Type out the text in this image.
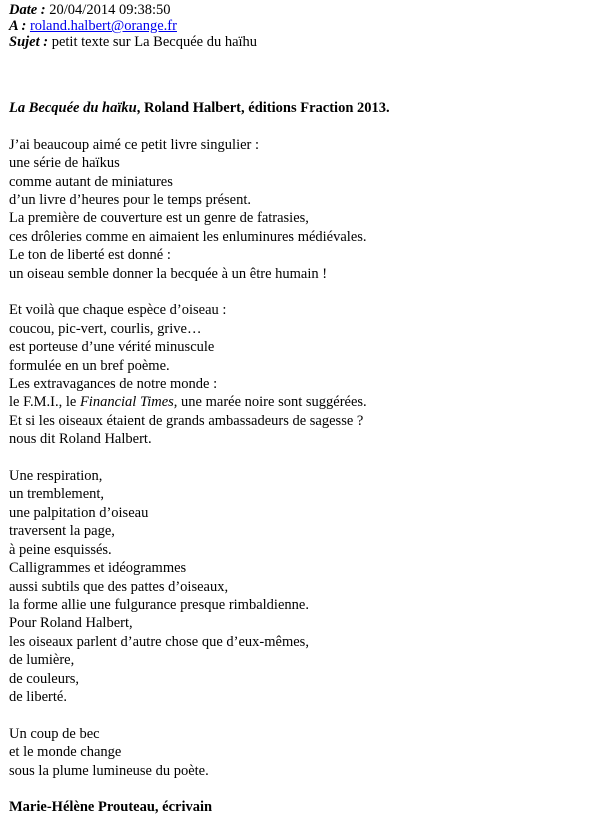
Date : 20/04/2014 09:38:50
A : roland.halbert@orange.fr
Sujet : petit texte sur La Becquée du haïhu
La Becquée du haïku, Roland Halbert, éditions Fraction 2013.
J’ai beaucoup aimé ce petit livre singulier :
une série de haïkus
comme autant de miniatures
d’un livre d’heures pour le temps présent.
La première de couverture est un genre de fatrasies,
ces drôleries comme en aimaient les enluminures médiévales.
Le ton de liberté est donné :
un oiseau semble donner la becquée à un être humain !
Et voilà que chaque espèce d’oiseau :
coucou, pic-vert, courlis, grive…
est porteuse d’une vérité minuscule
formulée en un bref poème.
Les extravagances de notre monde :
le F.M.I., le Financial Times, une marée noire sont suggérées.
Et si les oiseaux étaient de grands ambassadeurs de sagesse ?
nous dit Roland Halbert.
Une respiration,
un tremblement,
une palpitation d’oiseau
traversent la page,
à peine esquissés.
Calligrammes et idéogrammes
aussi subtils que des pattes d’oiseaux,
la forme allie une fulgurance presque rimbaldienne.
Pour Roland Halbert,
les oiseaux parlent d’autre chose que d’eux-mêmes,
de lumière,
de couleurs,
de liberté.
Un coup de bec
et le monde change
sous la plume lumineuse du poète.
Marie-Hélène Prouteau, écrivain
